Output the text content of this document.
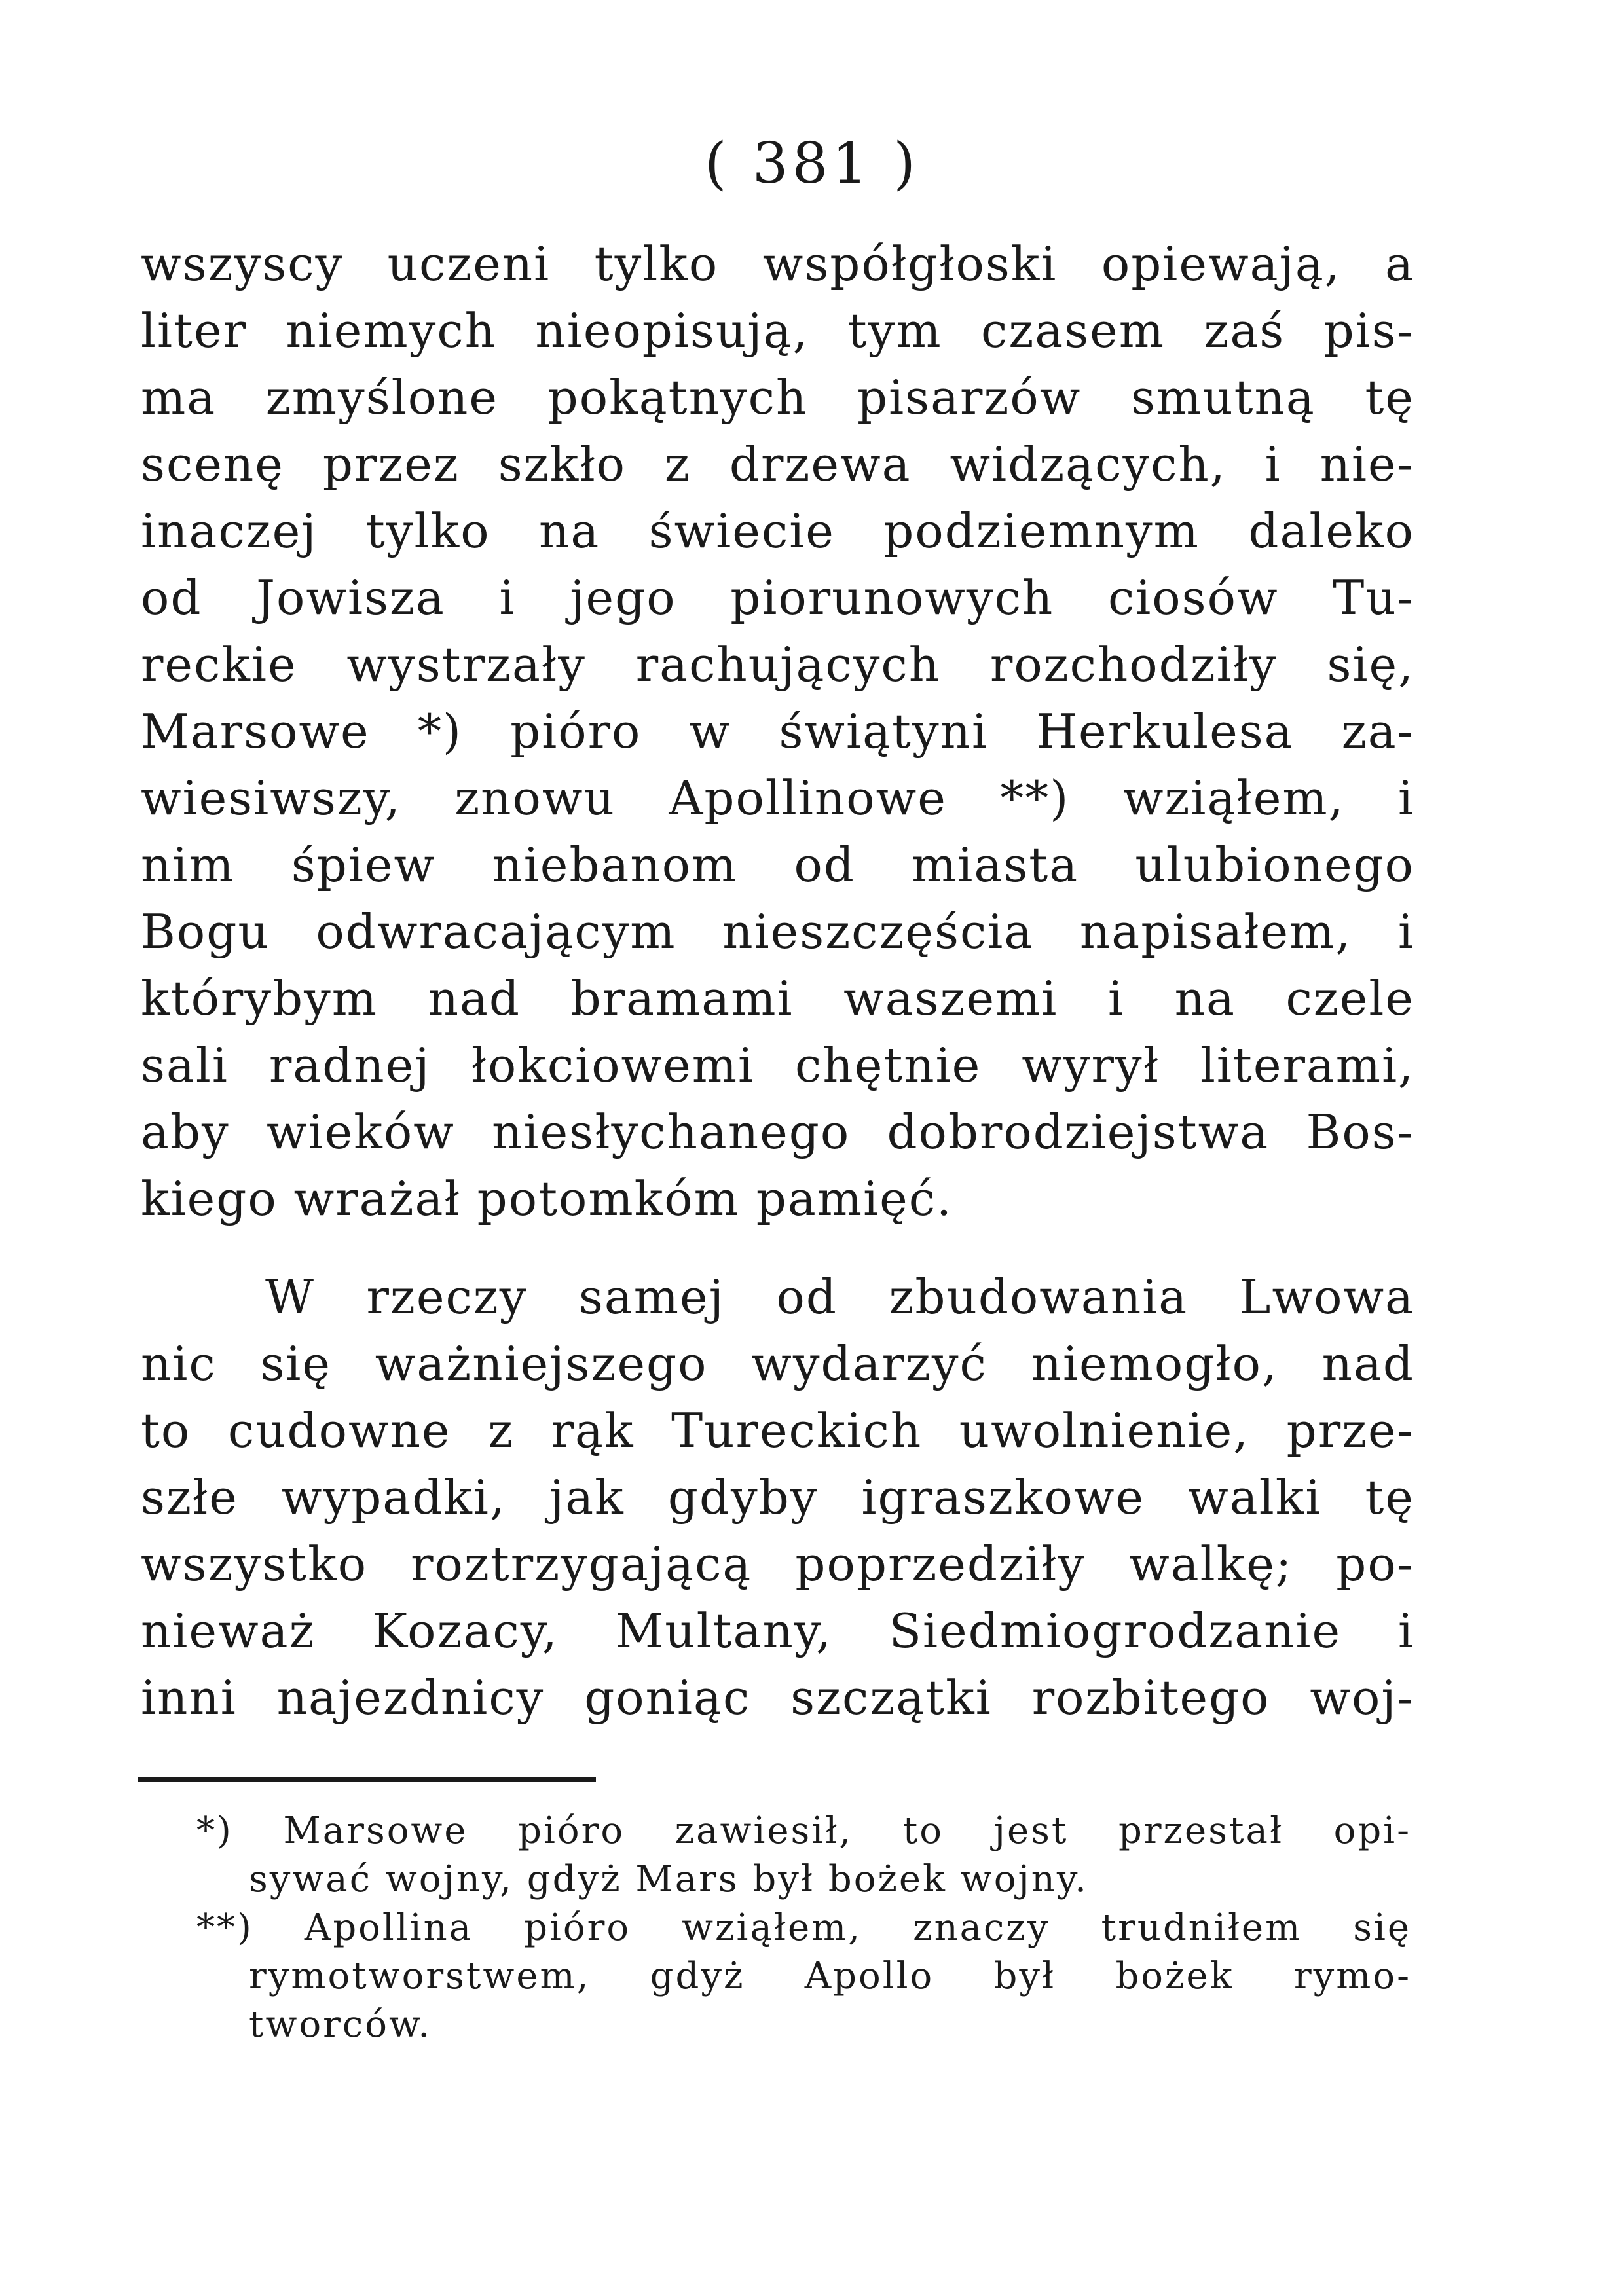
( 381 )
wszyscy uczeni tylko współgłoski opiewają, a
liter niemych nieopisują, tym czasem zaś pis-
ma zmyślone pokątnych pisarzów smutną tę
scenę przez szkło z drzewa widzących, i nie-
inaczej tylko na świecie podziemnym daleko
od Jowisza i jego piorunowych ciosów Tu-
reckie wystrzały rachujących rozchodziły się,
Marsowe *) pióro w świątyni Herkulesa za-
wiesiwszy, znowu Apollinowe **) wziąłem, i
nim śpiew niebanom od miasta ulubionego
Bogu odwracającym nieszczęścia napisałem, i
którybym nad bramami waszemi i na czele
sali radnej łokciowemi chętnie wyrył literami,
aby wieków niesłychanego dobrodziejstwa Bos-
kiego wrażał potomkóm pamięć.
W rzeczy samej od zbudowania Lwowa
nic się ważniejszego wydarzyć niemogło, nad
to cudowne z rąk Tureckich uwolnienie, prze-
szłe wypadki, jak gdyby igraszkowe walki tę
wszystko roztrzygającą poprzedziły walkę; po-
nieważ Kozacy, Multany, Siedmiogrodzanie i
inni najezdnicy goniąc szczątki rozbitego woj-
*) Marsowe pióro zawiesił, to jest przestał opi-
sywać wojny, gdyż Mars był bożek wojny.
**) Apollina pióro wziąłem, znaczy trudniłem się
rymotworstwem, gdyż Apollo był bożek rymo-
tworców.
